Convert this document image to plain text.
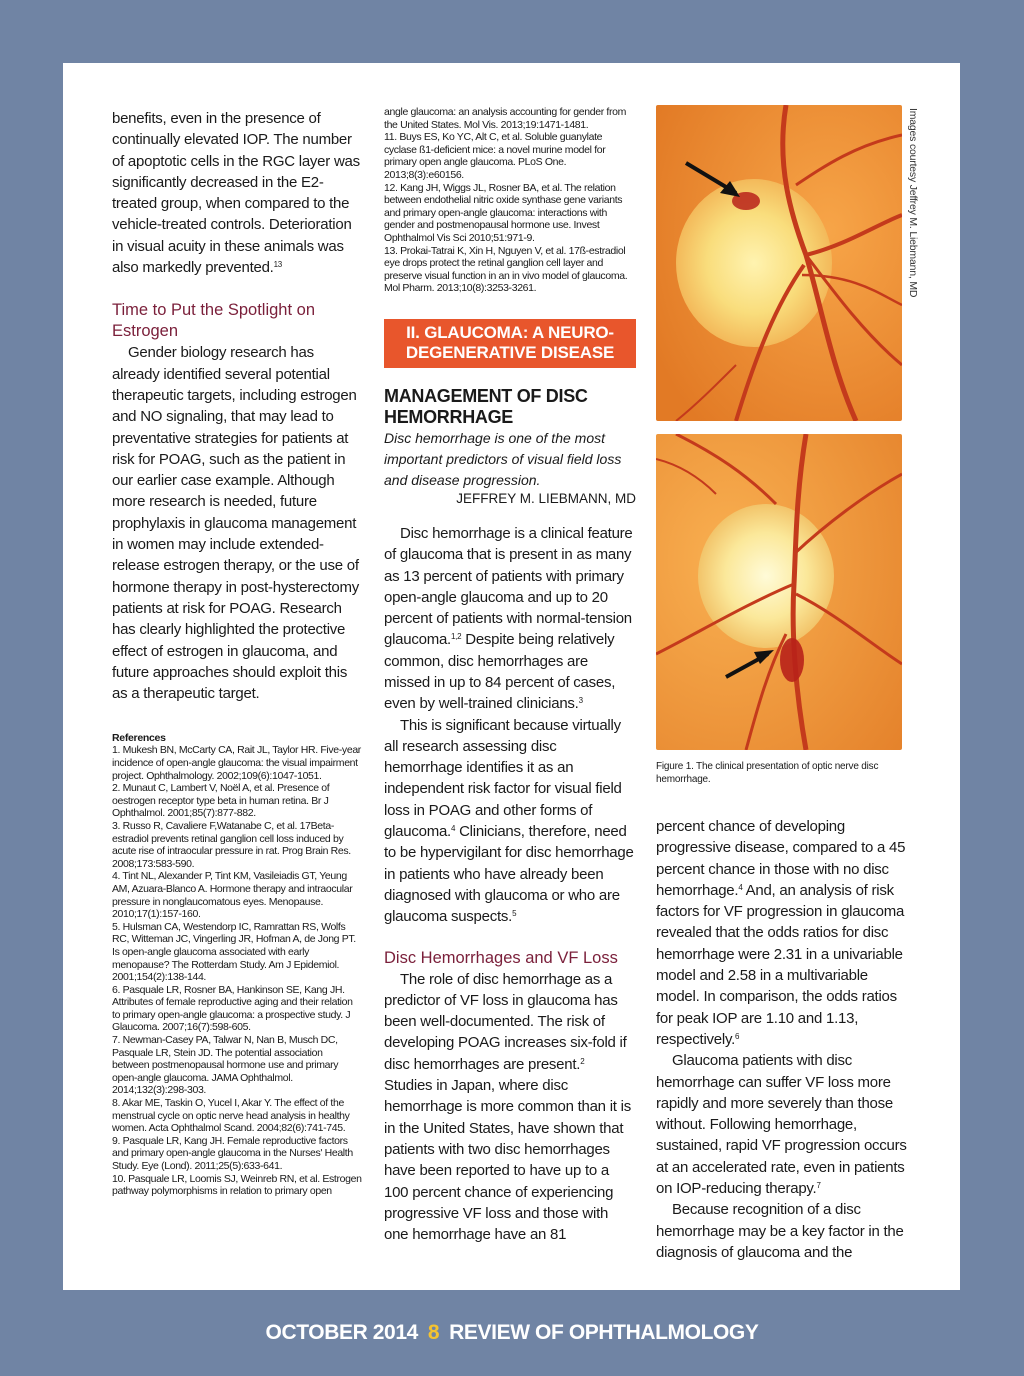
benefits, even in the presence of continually elevated IOP. The number of apoptotic cells in the RGC layer was significantly decreased in the E2-treated group, when compared to the vehicle-treated controls. Deterioration in visual acuity in these animals was also markedly prevented.$^{13}$

Time to Put the Spotlight on Estrogen

Gender biology research has already identified several potential therapeutic targets, including estrogen and NO signaling, that may lead to preventative strategies for patients at risk for POAG, such as the patient in our earlier case example. Although more research is needed, future prophylaxis in glaucoma management in women may include extended-release estrogen therapy, or the use of hormone therapy in post-hysterectomy patients at risk for POAG. Research has clearly highlighted the protective effect of estrogen in glaucoma, and future approaches should exploit this as a therapeutic target.

References

1. Mukesh BN, McCarty CA, Rait JL, Taylor HR. Five-year incidence of open-angle glaucoma: the visual impairment project. Ophthalmology. 2002;109(6):1047-1051.

2. Munaut C, Lambert V, Noël A, et al. Presence of oestrogen receptor type beta in human retina. Br J Ophthalmol. 2001;85(7):877-882.

3. Russo R, Cavaliere F,Watanabe C, et al. 17Beta-estradiol prevents retinal ganglion cell loss induced by acute rise of intraocular pressure in rat. Prog Brain Res. 2008;173:583-590.

4. Tint NL, Alexander P, Tint KM, Vasileiadis GT, Yeung AM, Azuara-Blanco A. Hormone therapy and intraocular pressure in nonglaucomatous eyes. Menopause. 2010;17(1):157-160.

5. Hulsman CA, Westendorp IC, Ramrattan RS, Wolfs RC, Witteman JC, Vingerling JR, Hofman A, de Jong PT. Is open-angle glaucoma associated with early menopause? The Rotterdam Study. Am J Epidemiol. 2001;154(2):138-144.

6. Pasquale LR, Rosner BA, Hankinson SE, Kang JH. Attributes of female reproductive aging and their relation to primary open-angle glaucoma: a prospective study. J Glaucoma. 2007;16(7):598-605.

7. Newman-Casey PA, Talwar N, Nan B, Musch DC, Pasquale LR, Stein JD. The potential association between postmenopausal hormone use and primary open-angle glaucoma. JAMA Ophthalmol. 2014;132(3):298-303.

8. Akar ME, Taskin O, Yucel I, Akar Y. The effect of the menstrual cycle on optic nerve head analysis in healthy women. Acta Ophthalmol Scand. 2004;82(6):741-745.

9. Pasquale LR, Kang JH. Female reproductive factors and primary open-angle glaucoma in the Nurses' Health Study. Eye (Lond). 2011;25(5):633-641.

10. Pasquale LR, Loomis SJ, Weinreb RN, et al. Estrogen pathway polymorphisms in relation to primary open

angle glaucoma: an analysis accounting for gender from the United States. Mol Vis. 2013;19:1471-1481.

11. Buys ES, Ko YC, Alt C, et al. Soluble guanylate cyclase ß1-deficient mice: a novel murine model for primary open angle glaucoma. PLoS One. 2013;8(3):e60156.

12. Kang JH, Wiggs JL, Rosner BA, et al. The relation between endothelial nitric oxide synthase gene variants and primary open-angle glaucoma: interactions with gender and postmenopausal hormone use. Invest Ophthalmol Vis Sci 2010;51:971-9.

13. Prokai-Tatrai K, Xin H, Nguyen V, et al. 17ß-estradiol eye drops protect the retinal ganglion cell layer and preserve visual function in an in vivo model of glaucoma. Mol Pharm. 2013;10(8):3253-3261.

II. GLAUCOMA: A NEURO-DEGENERATIVE DISEASE
MANAGEMENT OF DISC HEMORRHAGE

Disc hemorrhage is one of the most important predictors of visual field loss and disease progression.

JEFFREY M. LIEBMANN, MD

Disc hemorrhage is a clinical feature of glaucoma that is present in as many as 13 percent of patients with primary open-angle glaucoma and up to 20 percent of patients with normal-tension glaucoma.$^{1,2}$ Despite being relatively common, disc hemorrhages are missed in up to 84 percent of cases, even by well-trained clinicians.$^3$

This is significant because virtually all research assessing disc hemorrhage identifies it as an independent risk factor for visual field loss in POAG and other forms of glaucoma.$^4$ Clinicians, therefore, need to be hypervigilant for disc hemorrhage in patients who have already been diagnosed with glaucoma or who are glaucoma suspects.$^5$

Disc Hemorrhages and VF Loss

The role of disc hemorrhage as a predictor of VF loss in glaucoma has been well-documented. The risk of developing POAG increases six-fold if disc hemorrhages are present.$^2$ Studies in Japan, where disc hemorrhage is more common than it is in the United States, have shown that patients with two disc hemorrhages have been reported to have up to a 100 percent chance of experiencing progressive VF loss and those with one hemorrhage have an 81

Figure 1. The clinical presentation of optic nerve disc hemorrhage.

percent chance of developing progressive disease, compared to a 45 percent chance in those with no disc hemorrhage.$^4$ And, an analysis of risk factors for VF progression in glaucoma revealed that the odds ratios for disc hemorrhage were 2.31 in a univariable model and 2.58 in a multivariable model. In comparison, the odds ratios for peak IOP are 1.10 and 1.13, respectively.$^6$

Glaucoma patients with disc hemorrhage can suffer VF loss more rapidly and more severely than those without. Following hemorrhage, sustained, rapid VF progression occurs at an accelerated rate, even in patients on IOP-reducing therapy.$^7$

Because recognition of a disc hemorrhage may be a key factor in the diagnosis of glaucoma and the

Images courtesy Jeffrey M. Liebmann, MD
OCTOBER 2014 8 REVIEW OF OPHTHALMOLOGY
